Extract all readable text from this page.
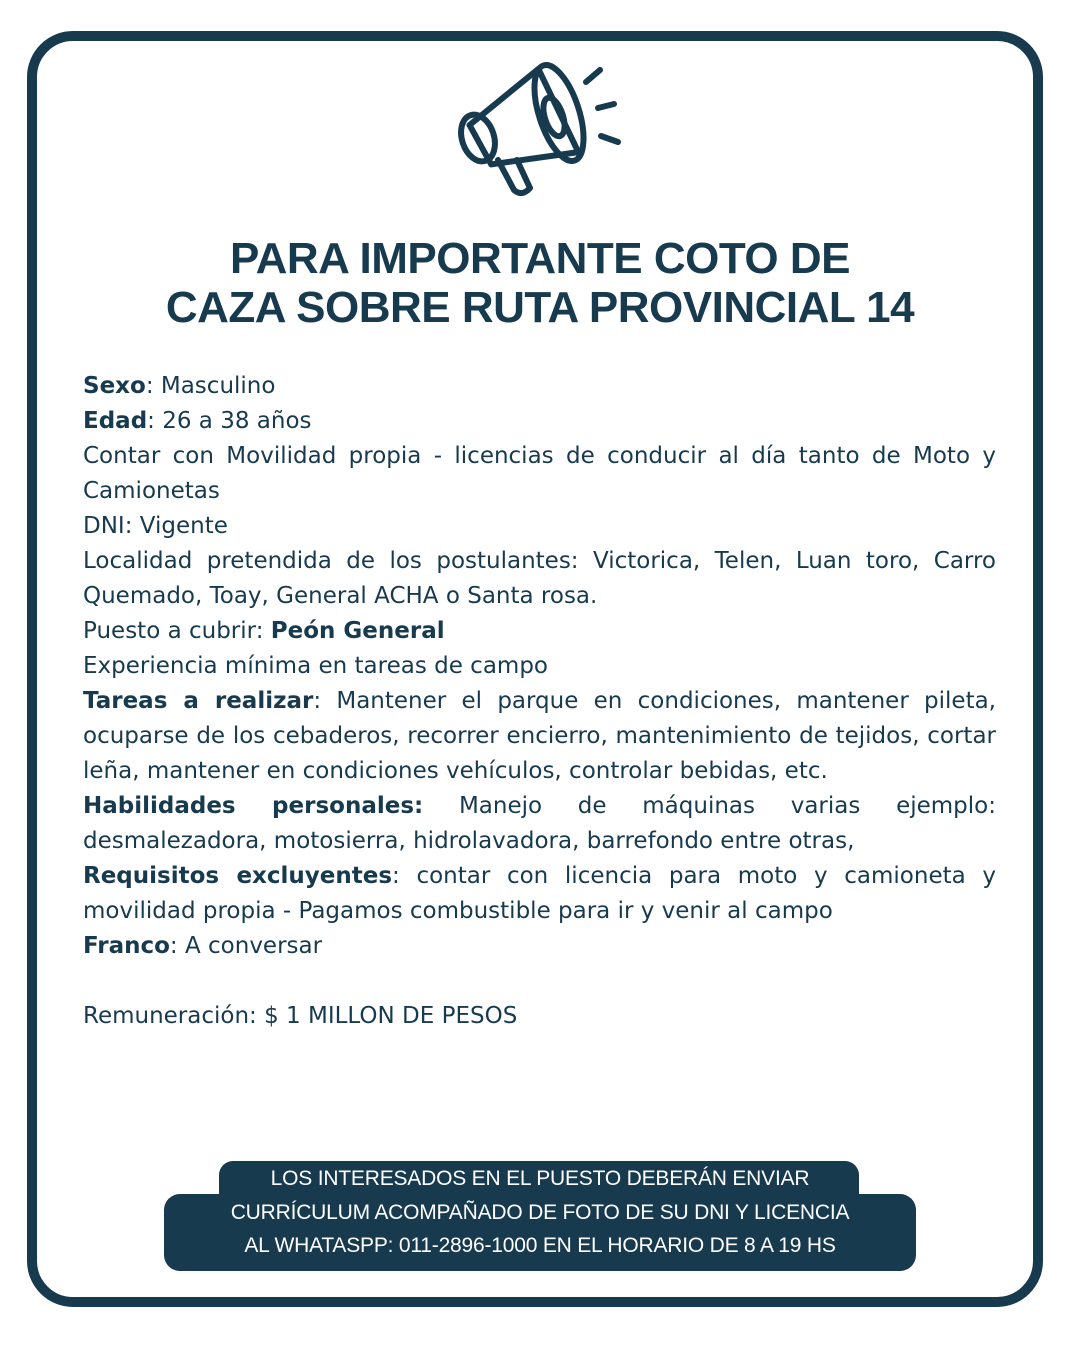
PARA IMPORTANTE COTO DE
CAZA SOBRE RUTA PROVINCIAL 14

Sexo: Masculino

Edad: 26 a 38 años

Contar con Movilidad propia - licencias de conducir al día tanto de Moto y Camionetas

DNI: Vigente

Localidad pretendida de los postulantes: Victorica, Telen, Luan toro, Carro Quemado, Toay, General ACHA o Santa rosa.

Puesto a cubrir: Peón General

Experiencia mínima en tareas de campo

Tareas a realizar: Mantener el parque en condiciones, mantener pileta, ocuparse de los cebaderos, recorrer encierro, mantenimiento de tejidos, cortar leña, mantener en condiciones vehículos, controlar bebidas, etc.

Habilidades personales: Manejo de máquinas varias ejemplo: desmalezadora, motosierra, hidrolavadora, barrefondo entre otras,

Requisitos excluyentes: contar con licencia para moto y camioneta y movilidad propia - Pagamos combustible para ir y venir al campo

Franco: A conversar

Remuneración: $ 1 MILLON DE PESOS

LOS INTERESADOS EN EL PUESTO DEBERÁN ENVIAR
CURRÍCULUM ACOMPAÑADO DE FOTO DE SU DNI Y LICENCIA
AL WHATASPP: 011-2896-1000 EN EL HORARIO DE 8 A 19 HS
